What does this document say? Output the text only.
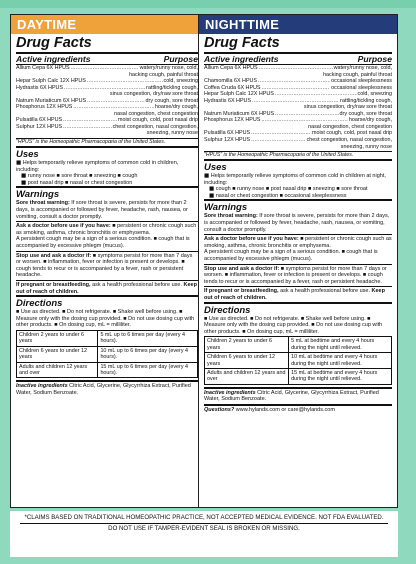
DAYTIME
Drug Facts
Active ingredients	Purpose
Allium Cepa 6X HPUS .....	watery/runny nose, cold,
hacking cough, painful throat
Hepar Sulph Calc 12X HPUS .....	cold, sneezing
Hydrastis 6X HPUS .....	rattling/tickling cough,
sinus congestion, dry/raw sore throat
Natrum Muriaticum 6X HPUS .....	dry cough, sore throat
Phosphorus 12X HPUS .....	hoarse/dry cough,
nasal congestion, chest congestion
Pulsatilla 6X HPUS .....	moist cough, cold, post nasal drip
Sulphur 12X HPUS .....	chest congestion, nasal congestion,
sneezing, runny nose
"HPUS" is the Homeopathic Pharmacopœia of the United States.
Uses
■ Helps temporarily relieve symptoms of common cold in children, including:
■ runny nose ■ sore throat ■ sneezing ■ cough
■ post nasal drip ■ nasal or chest congestion
Warnings
Sore throat warning: If sore throat is severe, persists for more than 2 days, is accompanied or followed by fever, headache, rash, nausea, or vomiting, consult a doctor promptly.
Ask a doctor before use if you have: ■ persistent or chronic cough such as smoking, asthma, chronic bronchitis or emphysema.
A persistent cough may be a sign of a serious condition. ■ cough that is accompanied by excessive phlegm (mucus).
Stop use and ask a doctor if: ■ symptoms persist for more than 7 days or worsen. ■ inflammation, fever or infection is present or develops. ■ cough tends to recur or is accompanied by a fever, rash or persistent headache.
If pregnant or breastfeeding, ask a health professional before use. Keep out of reach of children.
Directions
■ Use as directed. ■ Do not refrigerate. ■ Shake well before using. ■ Measure only with the dosing cup provided. ■ Do not use dosing cup with other products. ■ On dosing cup, mL = milliliter.
Children 2 years to under 6 years	5 mL up to 6 times per day (every 4 hours).
Children 6 years to under 12 years	10 mL up to 6 times per day (every 4 hours).
Adults and children 12 years and over	15 mL up to 6 times per day (every 4 hours).
Inactive ingredients Citric Acid, Glycerine, Glycyrrhiza Extract, Purified Water, Sodium Benzoate.
NIGHTTIME
Drug Facts
Active ingredients	Purpose
Allium Cepa 6X HPUS .....	watery/runny nose, cold,
hacking cough, painful throat
Chamomilla 6X HPUS .....	occasional sleeplessness
Coffea Cruda 6X HPUS .....	occasional sleeplessness
Hepar Sulph Calc 12X HPUS .....	cold, sneezing
Hydrastis 6X HPUS .....	rattling/tickling cough,
sinus congestion, dry/raw sore throat
Natrum Muriaticum 6X HPUS .....	dry cough, sore throat
Phosphorus 12X HPUS .....	hoarse/dry cough,
nasal congestion, chest congestion
Pulsatilla 6X HPUS .....	moist cough, cold, post nasal drip
Sulphur 12X HPUS .....	chest congestion, nasal congestion,
sneezing, runny nose
"HPUS" is the Homeopathic Pharmacopœia of the United States.
Uses
■ Helps temporarily relieve symptoms of common cold in children at night, including:
■ cough ■ runny nose ■ post nasal drip ■ sneezing ■ sore throat
■ nasal or chest congestion ■ occasional sleeplessness
Warnings
Sore throat warning: If sore throat is severe, persists for more than 2 days, is accompanied or followed by fever, headache, rash, nausea, or vomiting, consult a doctor promptly.
Ask a doctor before use if you have: ■ persistent or chronic cough such as smoking, asthma, chronic bronchitis or emphysema.
A persistent cough may be a sign of a serious condition. ■ cough that is accompanied by excessive phlegm (mucus).
Stop use and ask a doctor if: ■ symptoms persist for more than 7 days or worsen. ■ inflammation, fever or infection is present or develops. ■ cough tends to recur or is accompanied by a fever, rash or persistent headache.
If pregnant or breastfeeding, ask a health professional before use. Keep out of reach of children.
Directions
■ Use as directed. ■ Do not refrigerate. ■ Shake well before using. ■ Measure only with the dosing cup provided. ■ Do not use dosing cup with other products. ■ On dosing cup, mL = milliliter.
Children 2 years to under 6 years	5 mL at bedtime and every 4 hours during the night until relieved.
Children 6 years to under 12 years	10 mL at bedtime and every 4 hours during the night until relieved.
Adults and children 12 years and over	15 mL at bedtime and every 4 hours during the night until relieved.
Inactive ingredients Citric Acid, Glycerine, Glycyrrhiza Extract, Purified Water, Sodium Benzoate.
Questions? www.hylands.com or care@hylands.com
*CLAIMS BASED ON TRADITIONAL HOMEOPATHIC PRACTICE, NOT ACCEPTED MEDICAL EVIDENCE. NOT FDA EVALUATED.
DO NOT USE IF TAMPER-EVIDENT SEAL IS BROKEN OR MISSING.
